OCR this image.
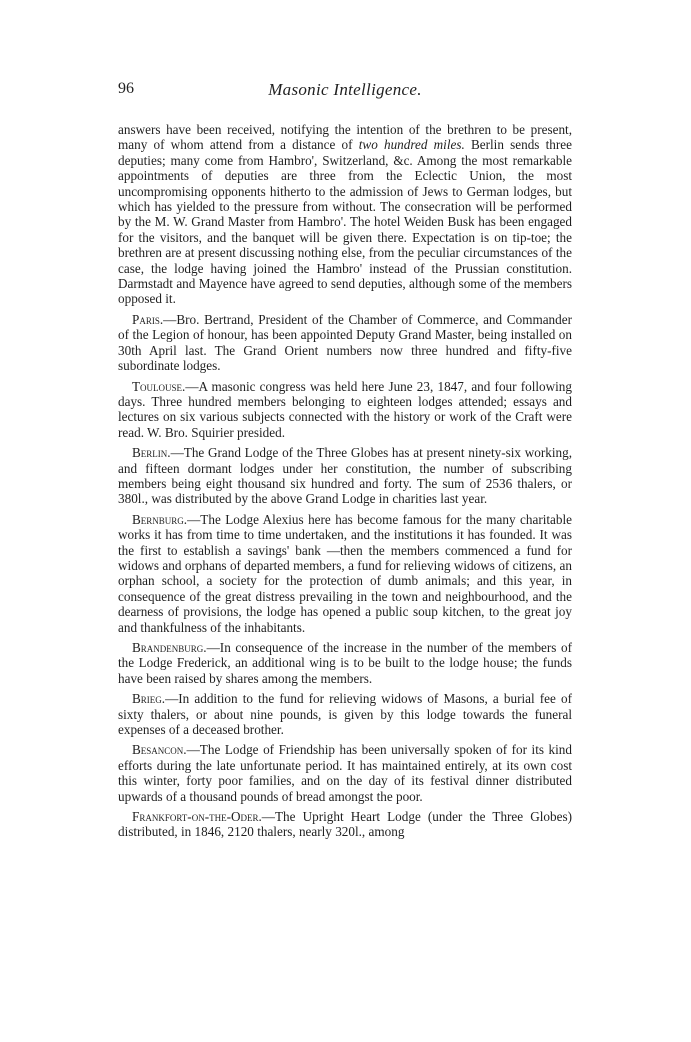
96	Masonic Intelligence.

answers have been received, notifying the intention of the brethren to be present, many of whom attend from a distance of two hundred miles. Berlin sends three deputies; many come from Hambro', Switzerland, &c. Among the most remarkable appointments of deputies are three from the Eclectic Union, the most uncompromising opponents hitherto to the admission of Jews to German lodges, but which has yielded to the pressure from without. The consecration will be performed by the M. W. Grand Master from Hambro'. The hotel Weiden Busk has been engaged for the visitors, and the banquet will be given there. Expectation is on tip-toe; the brethren are at present discussing nothing else, from the peculiar circumstances of the case, the lodge having joined the Hambro' instead of the Prussian constitution. Darmstadt and Mayence have agreed to send deputies, although some of the members opposed it.

Paris.—Bro. Bertrand, President of the Chamber of Commerce, and Commander of the Legion of honour, has been appointed Deputy Grand Master, being installed on 30th April last. The Grand Orient numbers now three hundred and fifty-five subordinate lodges.

Toulouse.—A masonic congress was held here June 23, 1847, and four following days. Three hundred members belonging to eighteen lodges attended; essays and lectures on six various subjects connected with the history or work of the Craft were read. W. Bro. Squirier presided.

Berlin.—The Grand Lodge of the Three Globes has at present ninety-six working, and fifteen dormant lodges under her constitution, the number of subscribing members being eight thousand six hundred and forty. The sum of 2536 thalers, or 380l., was distributed by the above Grand Lodge in charities last year.

Bernburg.—The Lodge Alexius here has become famous for the many charitable works it has from time to time undertaken, and the institutions it has founded. It was the first to establish a savings' bank —then the members commenced a fund for widows and orphans of departed members, a fund for relieving widows of citizens, an orphan school, a society for the protection of dumb animals; and this year, in consequence of the great distress prevailing in the town and neighbourhood, and the dearness of provisions, the lodge has opened a public soup kitchen, to the great joy and thankfulness of the inhabitants.

Brandenburg.—In consequence of the increase in the number of the members of the Lodge Frederick, an additional wing is to be built to the lodge house; the funds have been raised by shares among the members.

Brieg.—In addition to the fund for relieving widows of Masons, a burial fee of sixty thalers, or about nine pounds, is given by this lodge towards the funeral expenses of a deceased brother.

Besancon.—The Lodge of Friendship has been universally spoken of for its kind efforts during the late unfortunate period. It has maintained entirely, at its own cost this winter, forty poor families, and on the day of its festival dinner distributed upwards of a thousand pounds of bread amongst the poor.

Frankfort-on-the-Oder.—The Upright Heart Lodge (under the Three Globes) distributed, in 1846, 2120 thalers, nearly 320l., among
